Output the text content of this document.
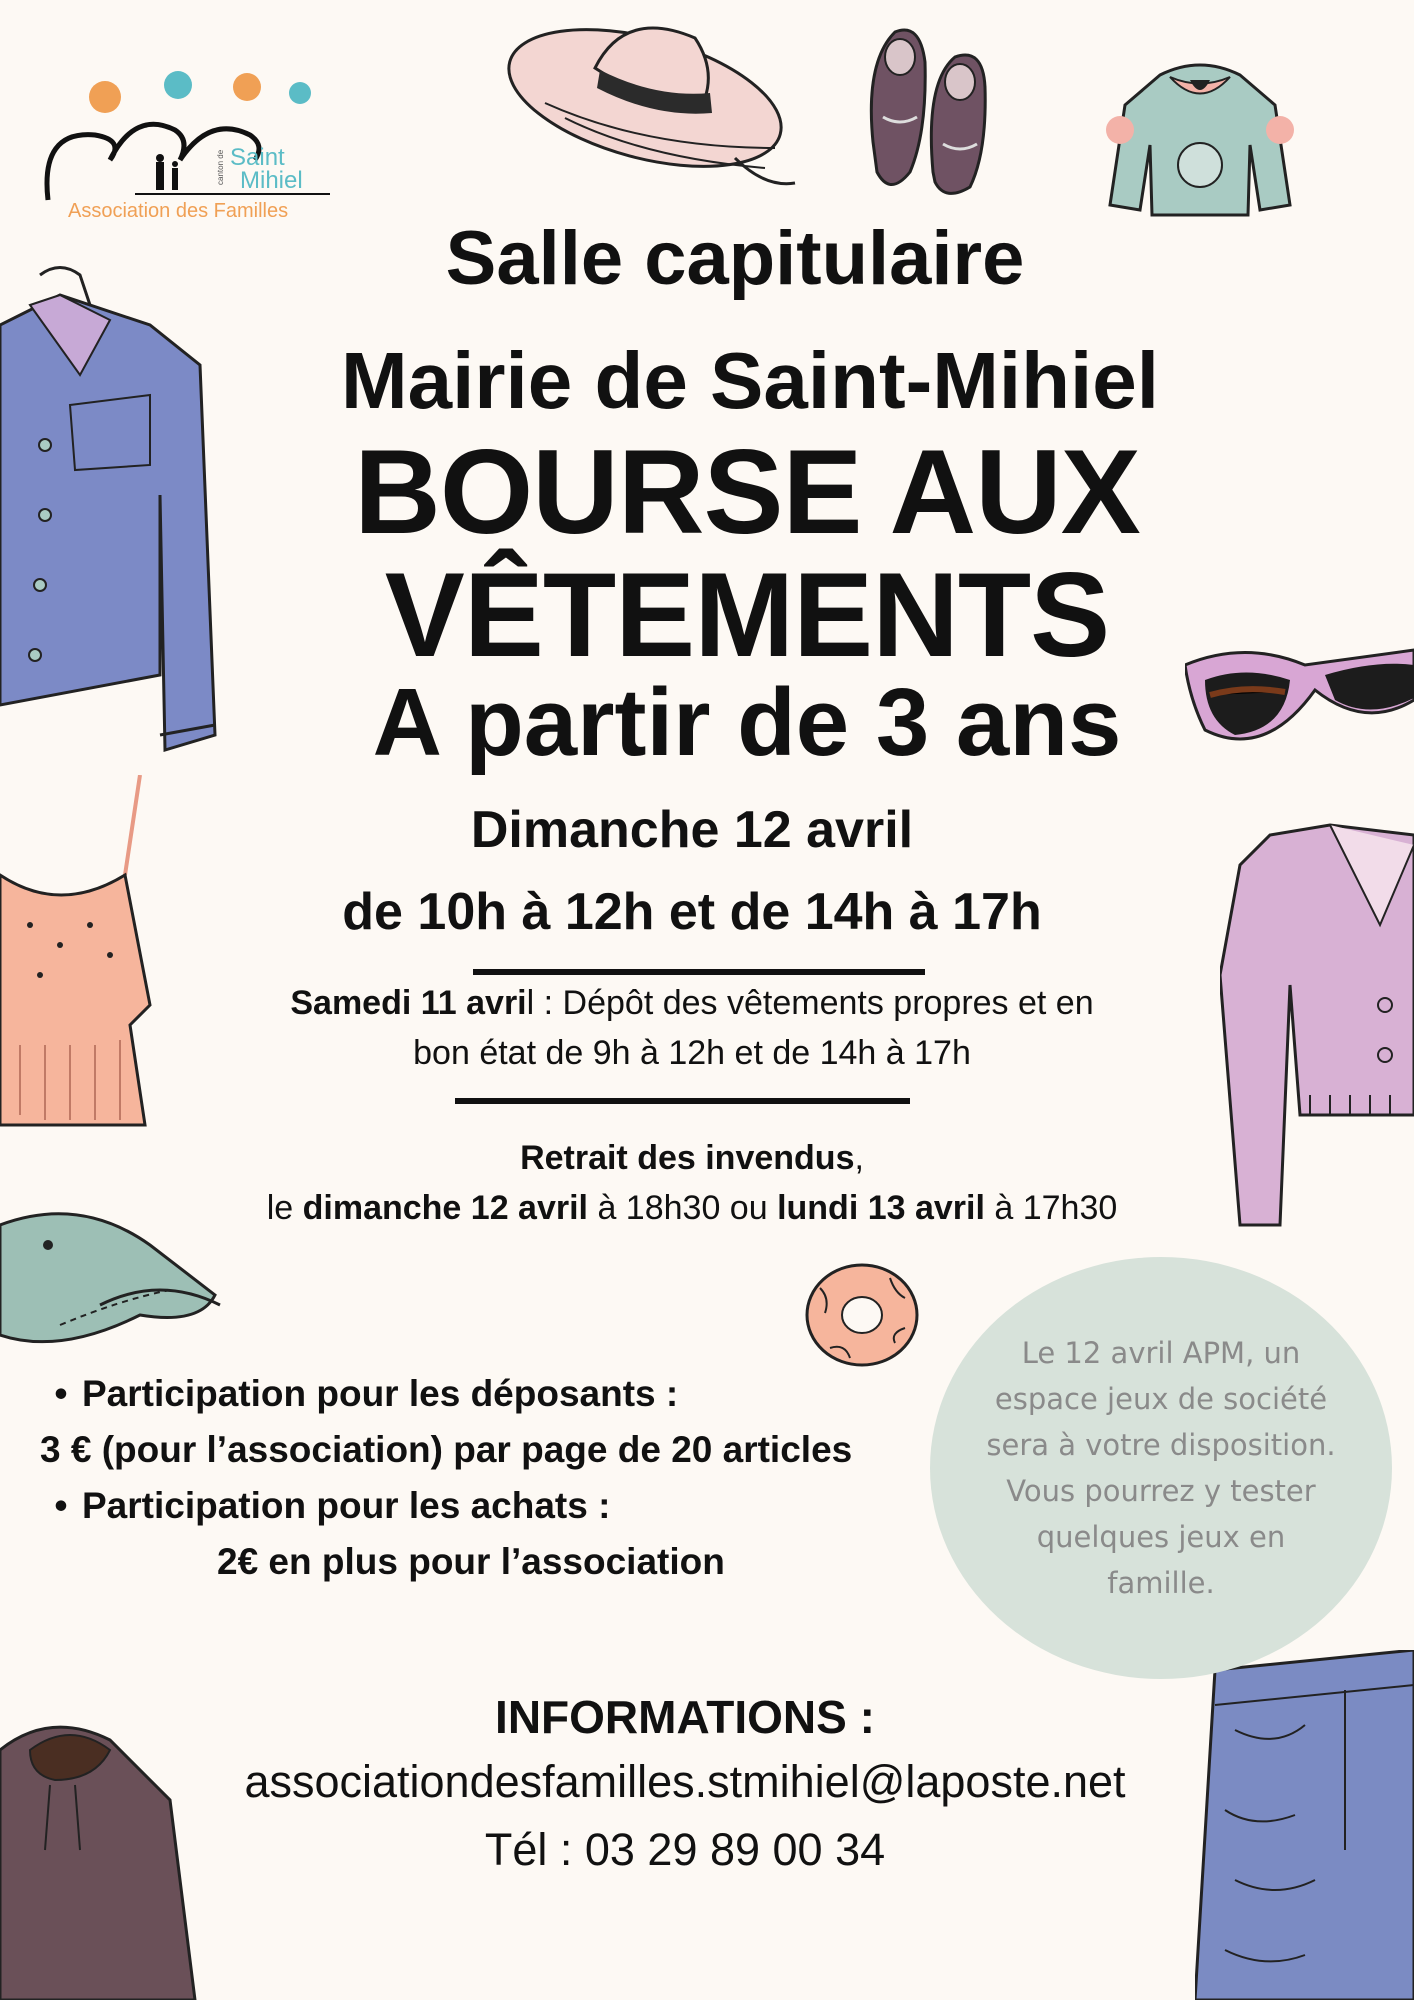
canton de Saint
Mihiel
Association des Familles
Salle capitulaire
Mairie de Saint-Mihiel
BOURSE AUX
VÊTEMENTS
A partir de 3 ans
Dimanche 12 avril
de 10h à 12h et de 14h à 17h
Samedi 11 avril : Dépôt des vêtements propres et en
bon état de 9h à 12h et de 14h à 17h
Retrait des invendus,
le dimanche 12 avril à 18h30 ou lundi 13 avril à 17h30
Le 12 avril APM, un
espace jeux de société
sera à votre disposition.
Vous pourrez y tester
quelques jeux en
famille.
• Participation pour les déposants :
3 € (pour l’association) par page de 20 articles
• Participation pour les achats :
2€ en plus pour l’association
INFORMATIONS :
associationdesfamilles.stmihiel@laposte.net
Tél : 03 29 89 00 34
